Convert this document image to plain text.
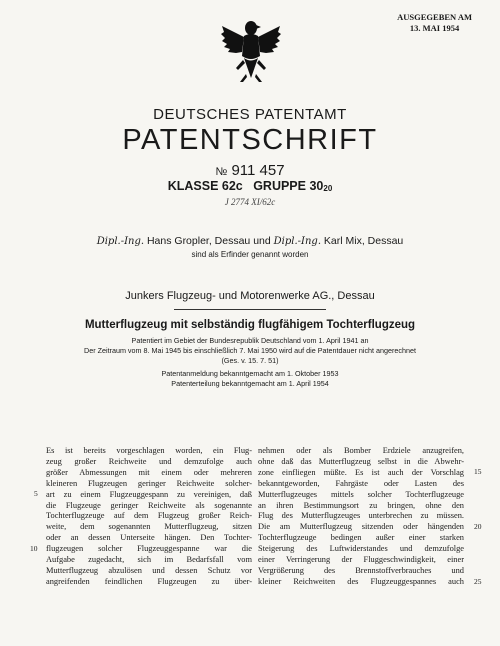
AUSGEGEBEN AM
13. MAI 1954
DEUTSCHES PATENTAMT
PATENTSCHRIFT
№ 911 457
KLASSE 62c GRUPPE $30_{20}$
J 2774 XI/62c
Dipl.-Ing. Hans Gropler, Dessau und Dipl.-Ing. Karl Mix, Dessau
sind als Erfinder genannt worden
Junkers Flugzeug- und Motorenwerke AG., Dessau
Mutterflugzeug mit selbständig flugfähigem Tochterflugzeug
Patentiert im Gebiet der Bundesrepublik Deutschland vom 1. April 1941 an
Der Zeitraum vom 8. Mai 1945 bis einschließlich 7. Mai 1950 wird auf die Patentdauer nicht angerechnet
(Ges. v. 15. 7. 51)
Patentanmeldung bekanntgemacht am 1. Oktober 1953
Patenterteilung bekanntgemacht am 1. April 1954
Es ist bereits vorgeschlagen worden, ein Flug-
zeug großer Reichweite und demzufolge auch
größer Abmessungen mit einem oder mehreren
kleineren Flugzeugen geringer Reichweite solcher-
art zu einem Flugzeuggespann zu vereinigen, daß
die Flugzeuge geringer Reichweite als sogenannte
Tochterflugzeuge auf dem Flugzeug großer Reich-
weite, dem sogenannten Mutterflugzeug, sitzen
oder an dessen Unterseite hängen. Den Tochter-
flugzeugen solcher Flugzeuggespanne war die
Aufgabe zugedacht, sich im Bedarfsfall vom
Mutterflugzeug abzulösen und dessen Schutz vor
angreifenden feindlichen Flugzeugen zu über-
nehmen oder als Bomber Erdziele anzugreifen,
ohne daß das Mutterflugzeug selbst in die Abwehr-
zone einfliegen müßte. Es ist auch der Vorschlag
bekanntgeworden, Fahrgäste oder Lasten des
Mutterflugzeuges mittels solcher Tochterflugzeuge
an ihren Bestimmungsort zu bringen, ohne den
Flug des Mutterflugzeuges unterbrechen zu müssen.
Die am Mutterflugzeug sitzenden oder hängenden
Tochterflugzeuge bedingen außer einer starken
Steigerung des Luftwiderstandes und demzufolge
einer Verringerung der Fluggeschwindigkeit, einer
Vergrößerung des Brennstoffverbrauches und
kleiner Reichweiten des Flugzeuggespannes auch
5
10
15
20
25
